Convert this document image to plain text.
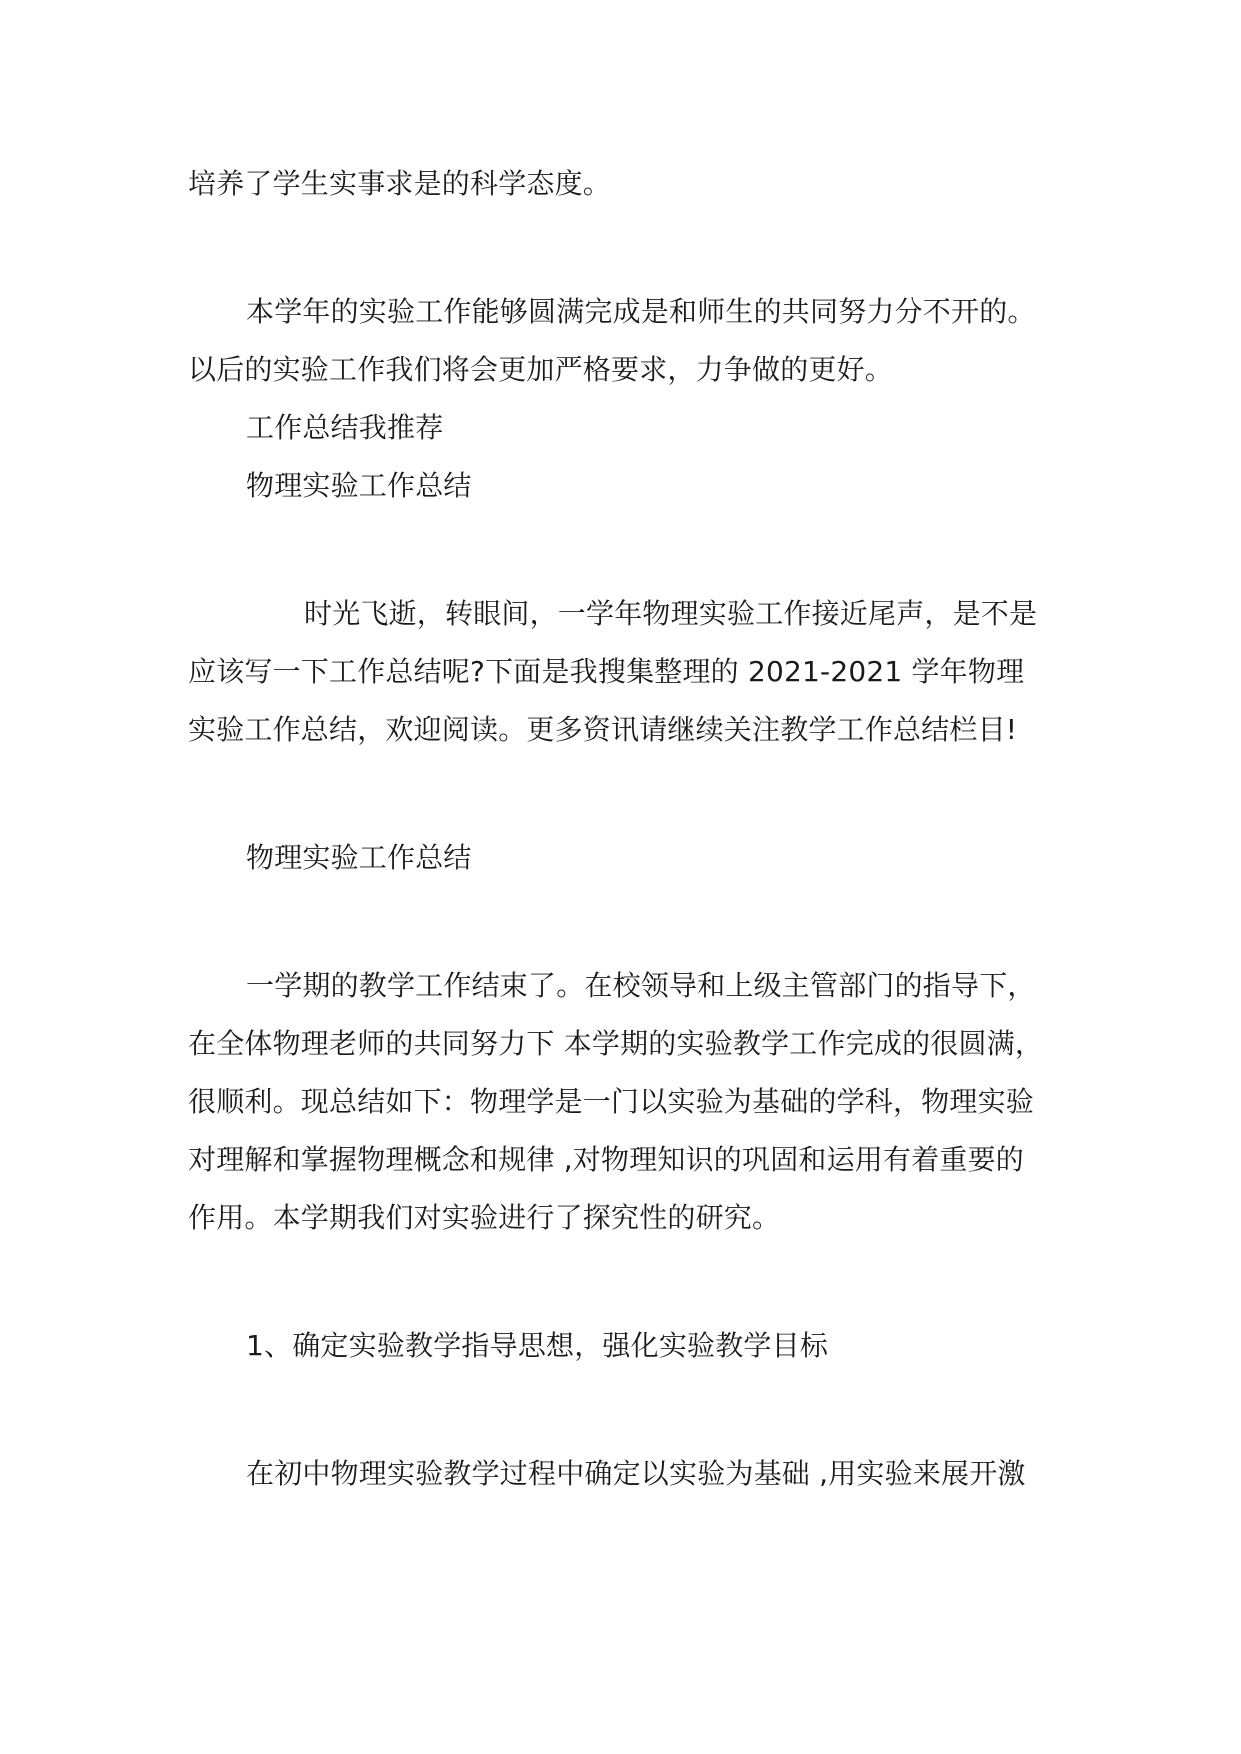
培养了学生实事求是的科学态度。
本学年的实验工作能够圆满完成是和师生的共同努力分不开的。
以后的实验工作我们将会更加严格要求，力争做的更好。
工作总结我推荐
物理实验工作总结
时光飞逝，转眼间，一学年物理实验工作接近尾声，是不是
应该写一下工作总结呢?下面是我搜集整理的 2021-2021 学年物理
实验工作总结，欢迎阅读。更多资讯请继续关注教学工作总结栏目!
物理实验工作总结
一学期的教学工作结束了。在校领导和上级主管部门的指导下，
在全体物理老师的共同努力下 本学期的实验教学工作完成的很圆满，
很顺利。现总结如下：物理学是一门以实验为基础的学科，物理实验
对理解和掌握物理概念和规律 ,对物理知识的巩固和运用有着重要的
作用。本学期我们对实验进行了探究性的研究。
1、确定实验教学指导思想，强化实验教学目标
在初中物理实验教学过程中确定以实验为基础 ,用实验来展开激
